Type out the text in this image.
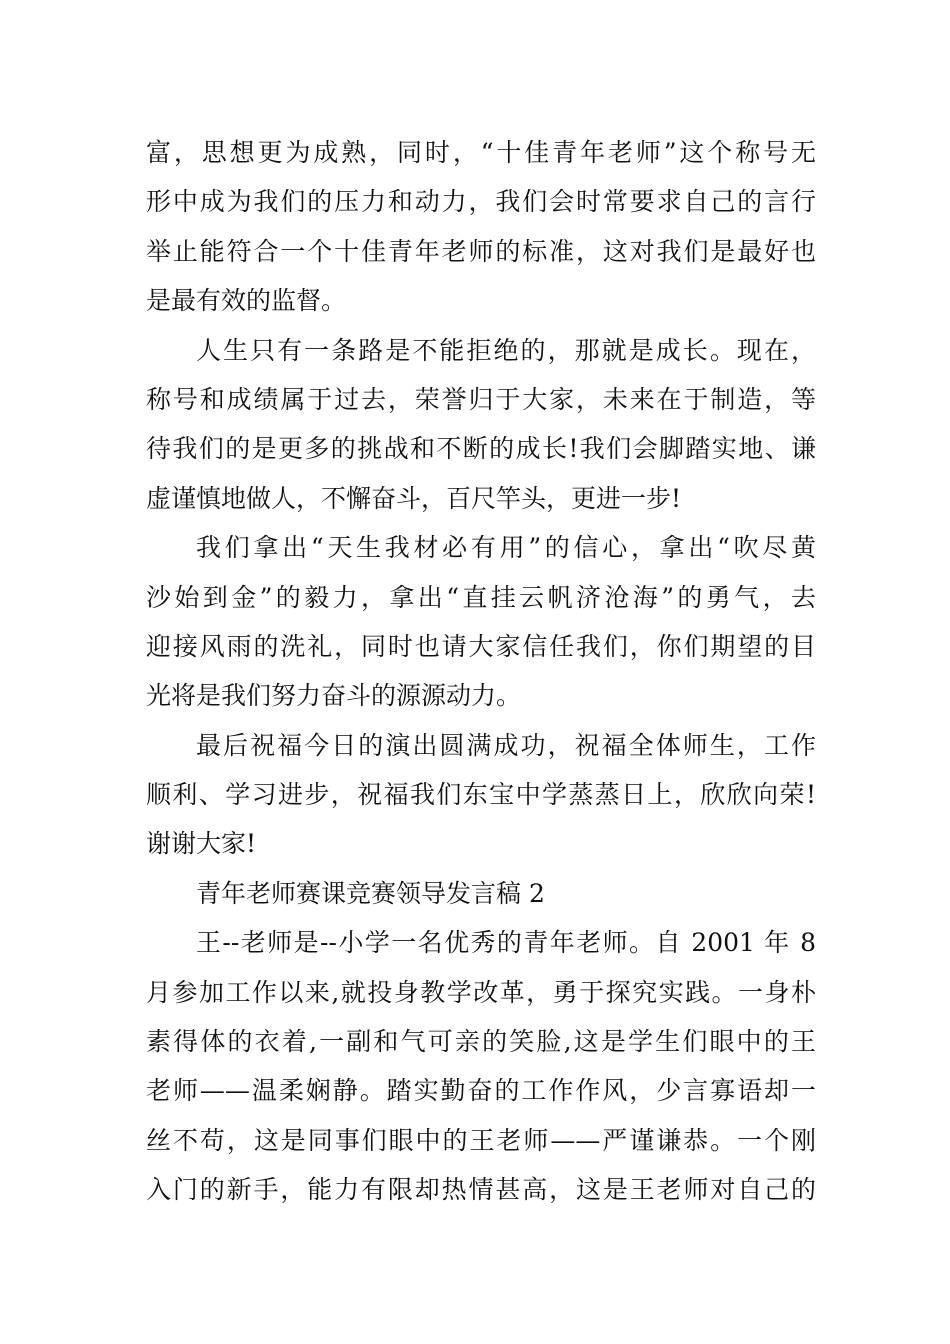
富，思想更为成熟，同时，“十佳青年老师”这个称号无
形中成为我们的压力和动力，我们会时常要求自己的言行
举止能符合一个十佳青年老师的标准，这对我们是最好也
是最有效的监督。
人生只有一条路是不能拒绝的，那就是成长。现在，
称号和成绩属于过去，荣誉归于大家，未来在于制造，等
待我们的是更多的挑战和不断的成长!我们会脚踏实地、谦
虚谨慎地做人，不懈奋斗，百尺竿头，更进一步!
我们拿出“天生我材必有用”的信心，拿出“吹尽黄
沙始到金”的毅力，拿出“直挂云帆济沧海”的勇气，去
迎接风雨的洗礼，同时也请大家信任我们，你们期望的目
光将是我们努力奋斗的源源动力。
最后祝福今日的演出圆满成功，祝福全体师生，工作
顺利、学习进步，祝福我们东宝中学蒸蒸日上，欣欣向荣!
谢谢大家!
青年老师赛课竞赛领导发言稿 2
王--老师是--小学一名优秀的青年老师。自 2001 年 8
月参加工作以来,就投身教学改革，勇于探究实践。一身朴
素得体的衣着,一副和气可亲的笑脸,这是学生们眼中的王
老师——温柔娴静。踏实勤奋的工作作风，少言寡语却一
丝不苟，这是同事们眼中的王老师——严谨谦恭。一个刚
入门的新手，能力有限却热情甚高，这是王老师对自己的
